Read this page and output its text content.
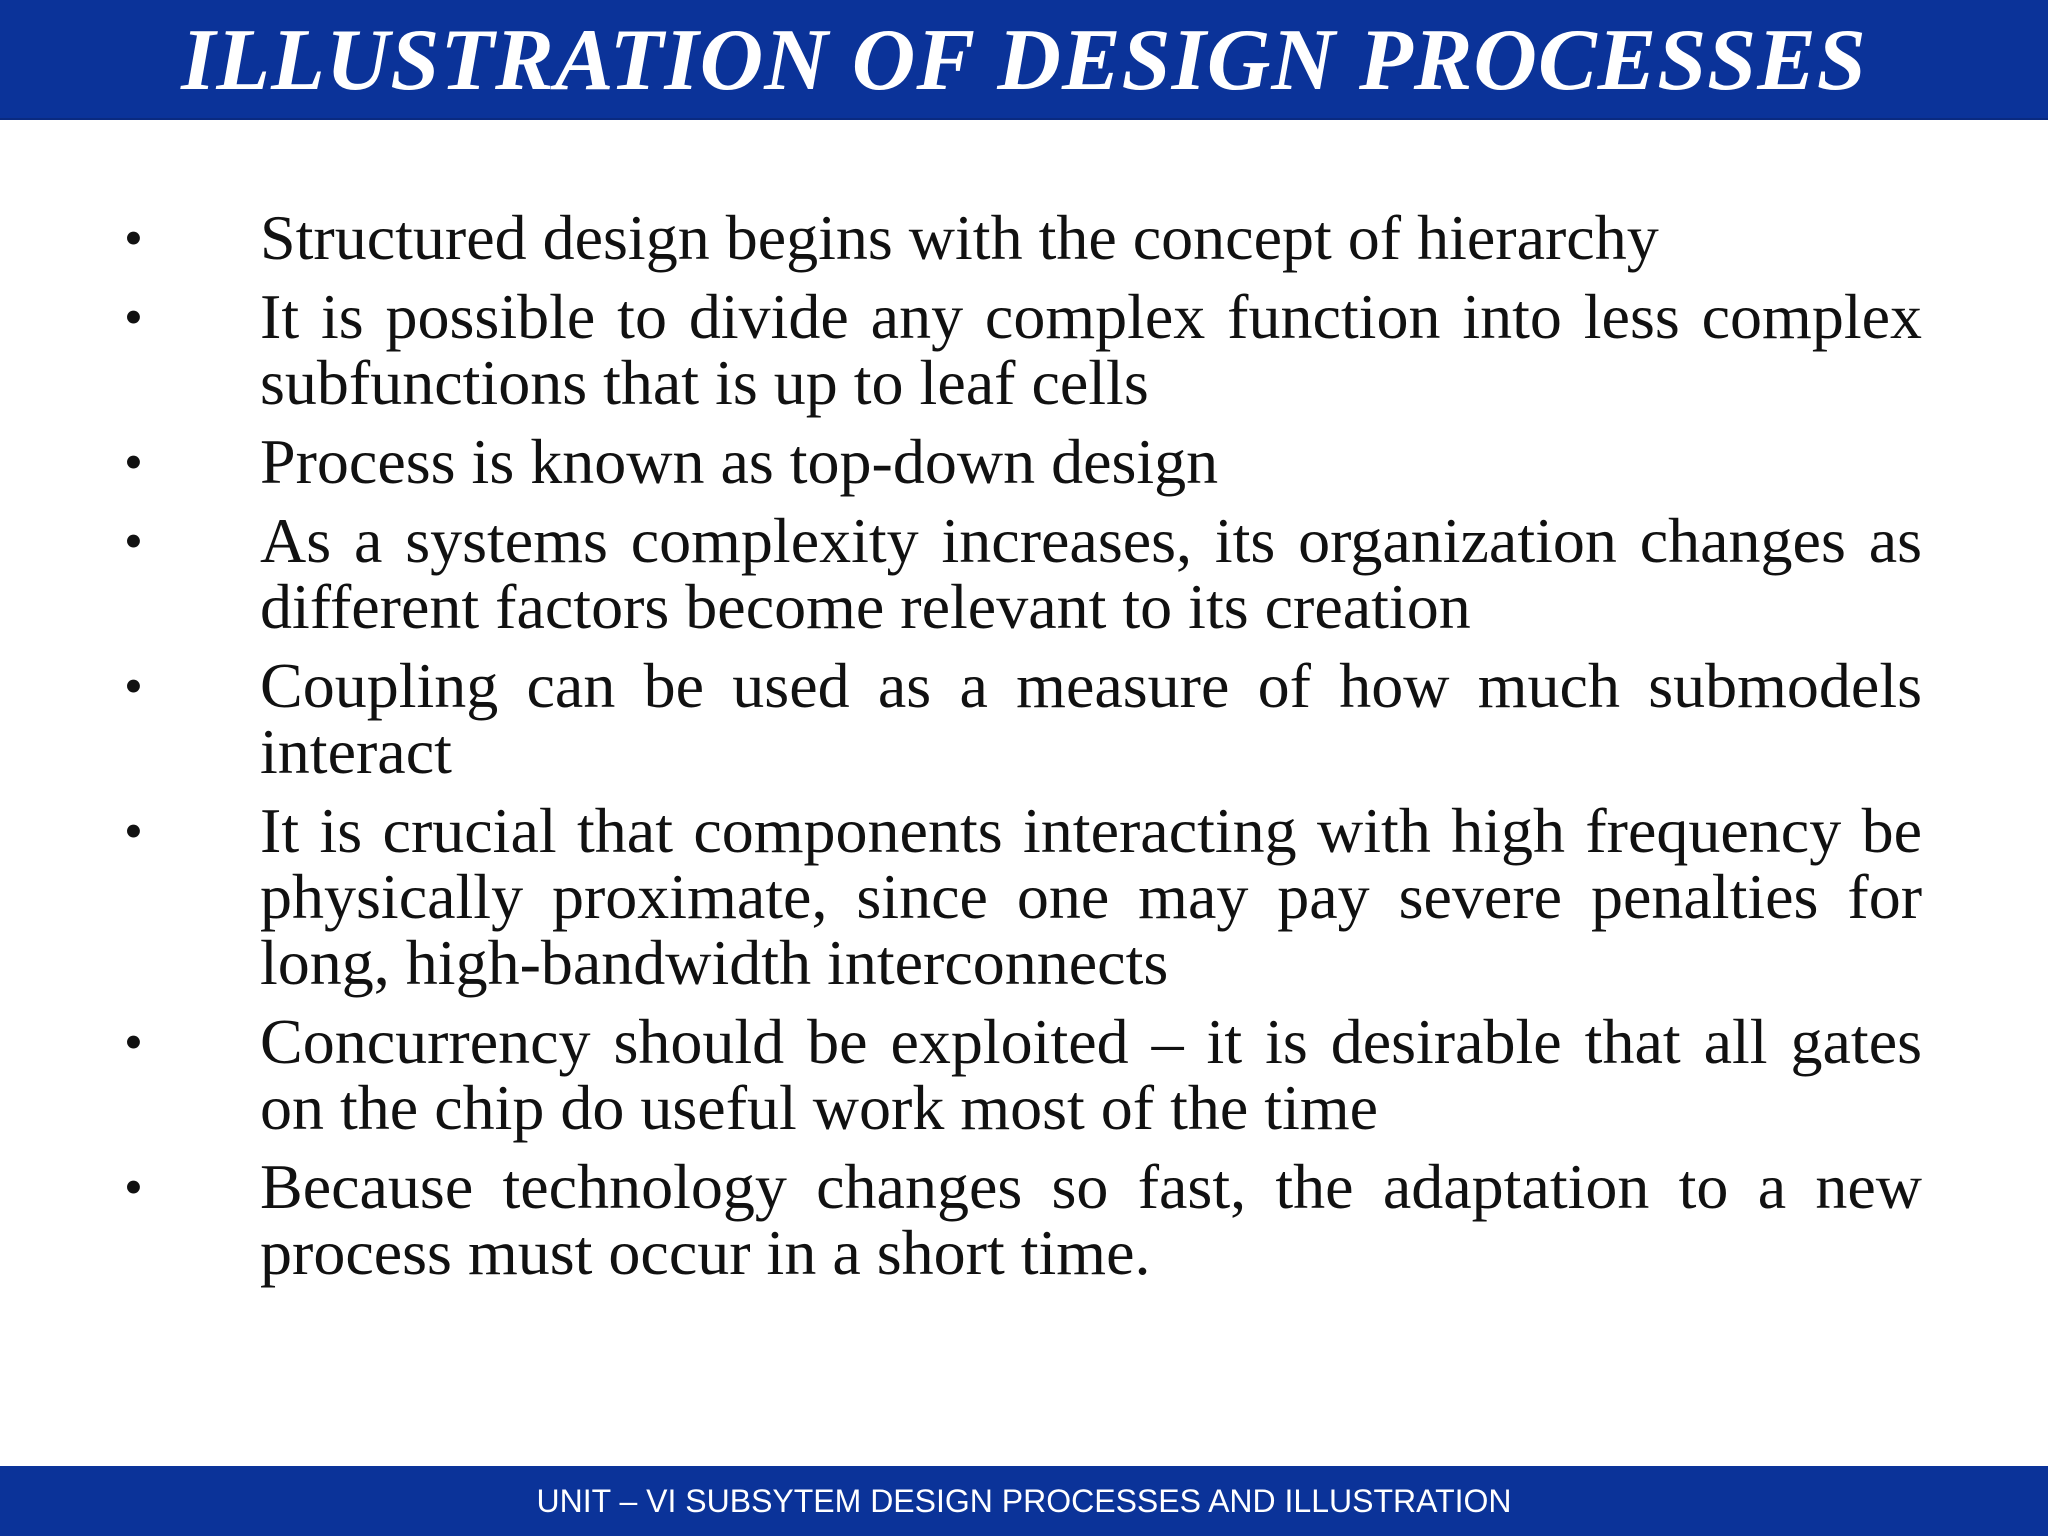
ILLUSTRATION OF DESIGN PROCESSES
• Structured design begins with the concept of hierarchy
• It is possible to divide any complex function into less complex subfunctions that is up to leaf cells
• Process is known as top-down design
• As a systems complexity increases, its organization changes as different factors become relevant to its creation
• Coupling can be used as a measure of how much submodels interact
• It is crucial that components interacting with high frequency be physically proximate, since one may pay severe penalties for long, high-bandwidth interconnects
• Concurrency should be exploited – it is desirable that all gates on the chip do useful work most of the time
• Because technology changes so fast, the adaptation to a new process must occur in a short time.
UNIT – VI SUBSYTEM DESIGN PROCESSES AND ILLUSTRATION
